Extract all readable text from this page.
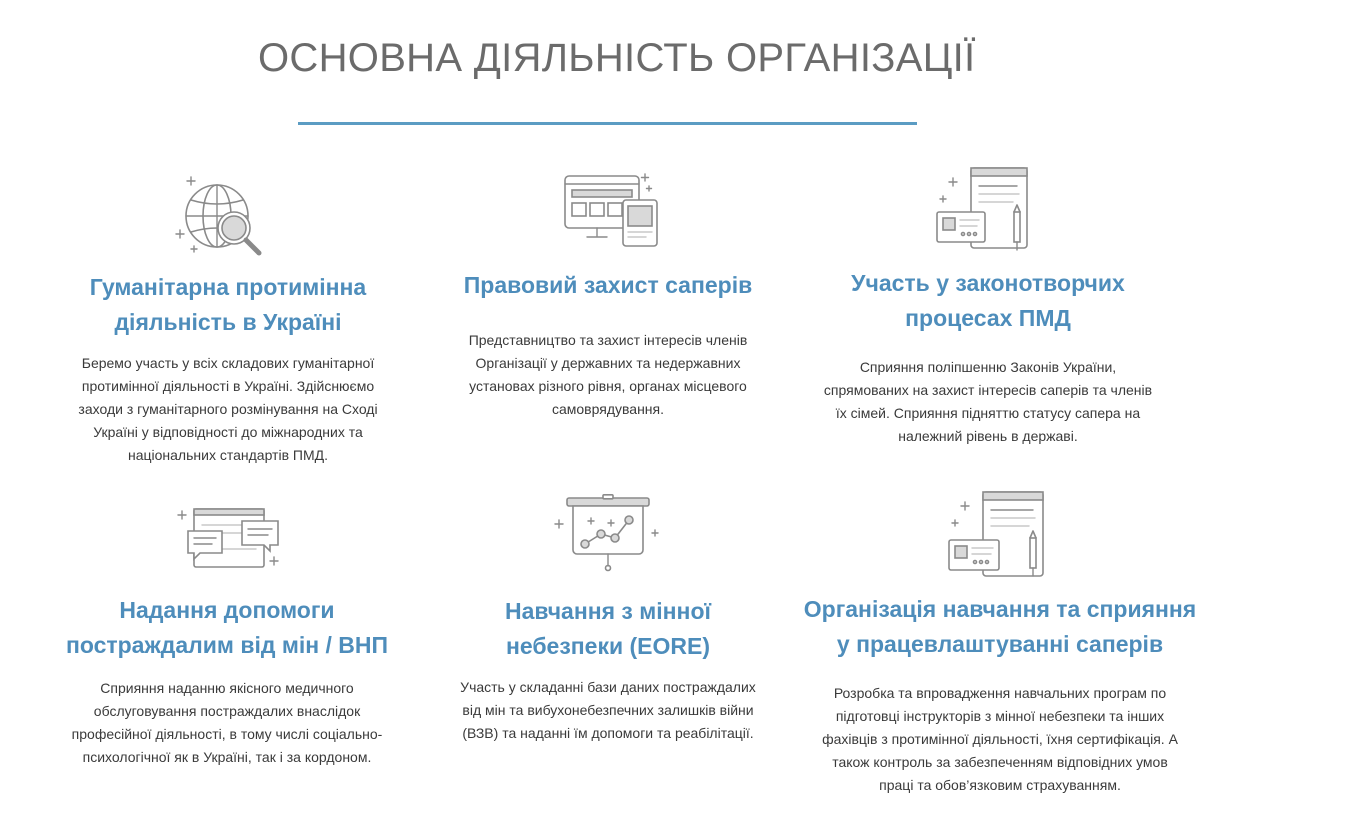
ОСНОВНА ДІЯЛЬНІСТЬ ОРГАНІЗАЦІЇ
Гуманітарна протимінна
діяльність в Україні

Беремо участь у всіх складових гуманітарної
протимінної діяльності в Україні. Здійснюємо
заходи з гуманітарного розмінування на Сході
Україні у відповідності до міжнародних та
національних стандартів ПМД.

Правовий захист саперів

Представництво та захист інтересів членів
Організації у державних та недержавних
установах різного рівня, органах місцевого
самоврядування.

Участь у законотворчих
процесах ПМД

Сприяння поліпшенню Законів України,
спрямованих на захист інтересів саперів та членів
їх сімей. Сприяння підняттю статусу сапера на
належний рівень в державі.

Надання допомоги
постраждалим від мін / ВНП

Сприяння наданню якісного медичного
обслуговування постраждалих внаслідок
професійної діяльності, в тому числі соціально-
психологічної як в Україні, так і за кордоном.

Навчання з мінної
небезпеки (EORE)

Участь у складанні бази даних постраждалих
від мін та вибухонебезпечних залишків війни
(ВЗВ) та наданні їм допомоги та реабілітації.

Організація навчання та сприяння
у працевлаштуванні саперів

Розробка та впровадження навчальних програм по
підготовці інструкторів з мінної небезпеки та інших
фахівців з протимінної діяльності, їхня сертифікація. А
також контроль за забезпеченням відповідних умов
праці та обов’язковим страхуванням.
